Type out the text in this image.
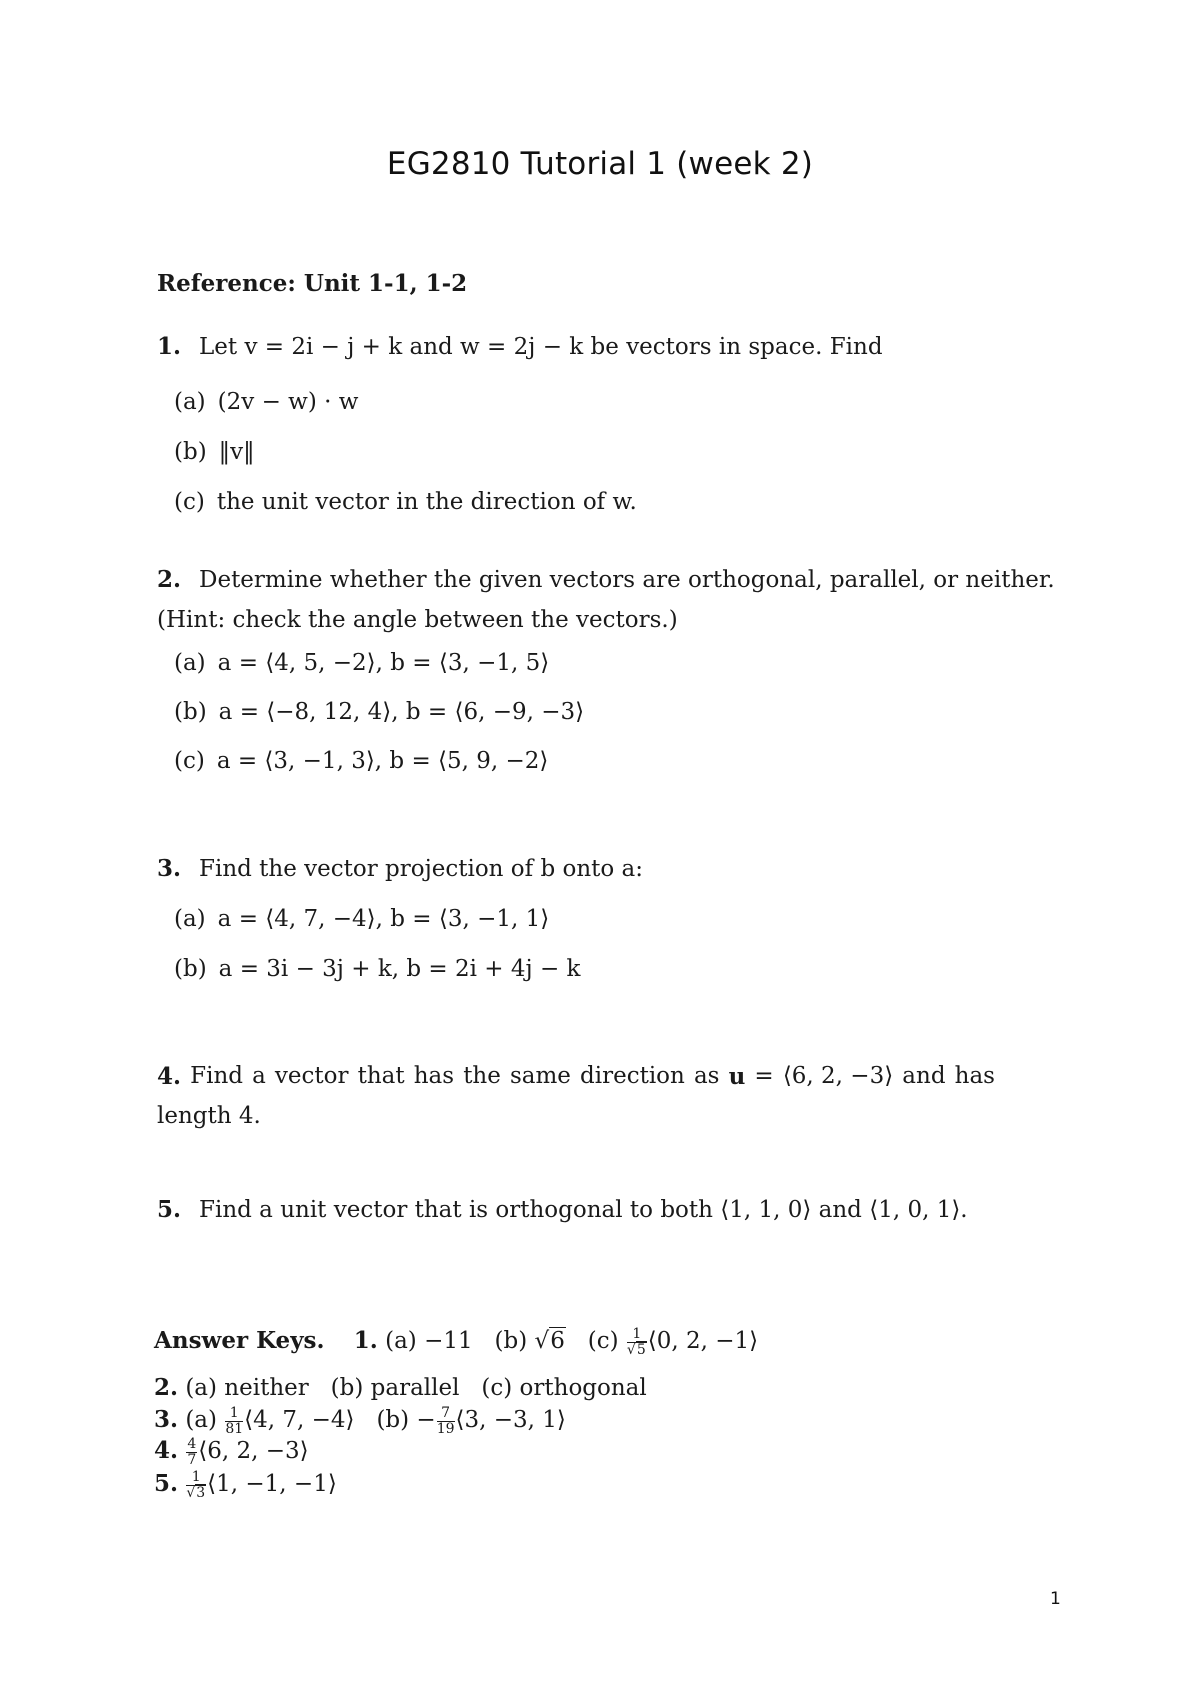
EG2810 Tutorial 1 (week 2)
Reference: Unit 1-1, 1-2
1. Let v = 2i − j + k and w = 2j − k be vectors in space. Find
(a) (2v − w) · w
(b) ‖v‖
(c) the unit vector in the direction of w.
2. Determine whether the given vectors are orthogonal, parallel, or neither.
(Hint: check the angle between the vectors.)
(a) a = ⟨4, 5, −2⟩, b = ⟨3, −1, 5⟩
(b) a = ⟨−8, 12, 4⟩, b = ⟨6, −9, −3⟩
(c) a = ⟨3, −1, 3⟩, b = ⟨5, 9, −2⟩
3. Find the vector projection of b onto a:
(a) a = ⟨4, 7, −4⟩, b = ⟨3, −1, 1⟩
(b) a = 3i − 3j + k, b = 2i + 4j − k
4. Find a vector that has the same direction as u = ⟨6, 2, −3⟩ and has
length 4.
5. Find a unit vector that is orthogonal to both ⟨1, 1, 0⟩ and ⟨1, 0, 1⟩.
Answer Keys. 1. (a) −11 (b) √6 $(c) \frac{1}{√5}$ ⟨0, 2, −1⟩
2. (a) neither   (b) parallel   (c) orthogonal
3. $(a) \frac{1}{81}$ ⟨4, 7, −4⟩ $(b) - \frac{7}{19}$ ⟨3, −3, 1⟩
4. $\frac{4}{7}$ ⟨6, 2, −3⟩
5. $\frac{1}{√3}$ ⟨1, −1, −1⟩
1
